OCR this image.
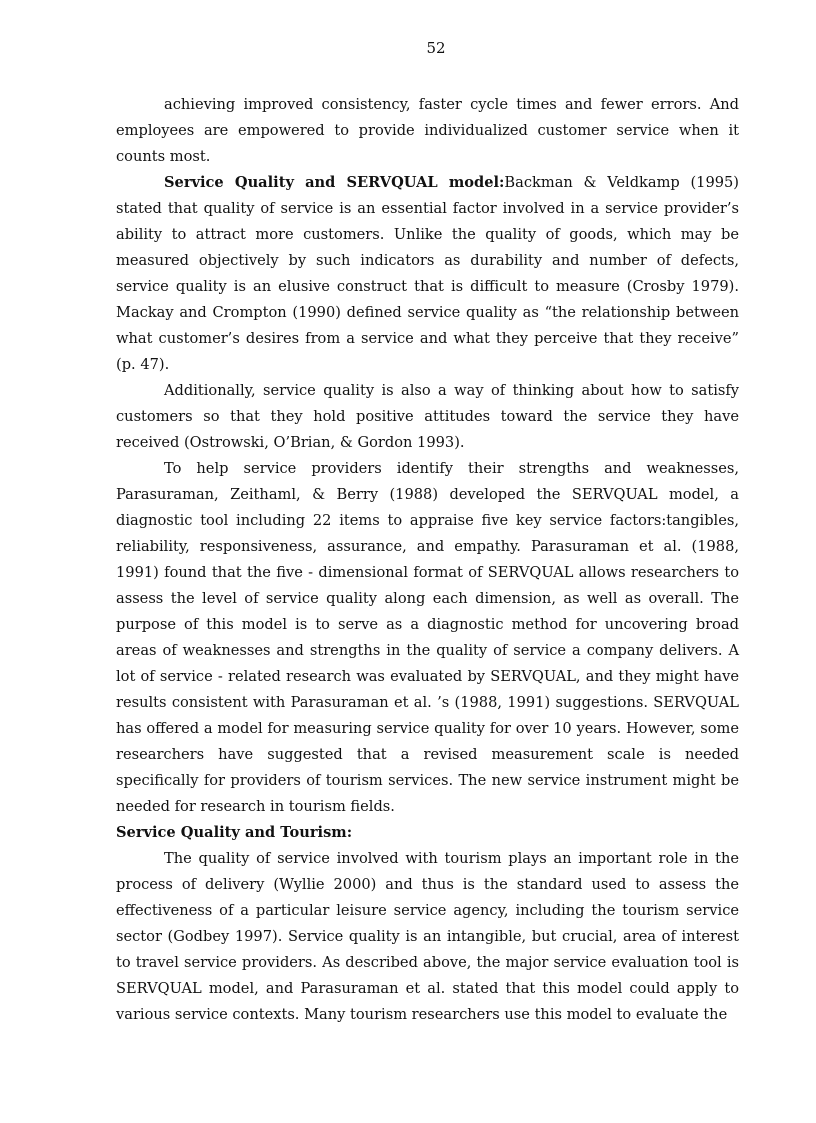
52

achieving improved consistency, faster cycle times and fewer errors. And employees are empowered to provide individualized customer service when it counts most.

Service Quality and SERVQUAL model:Backman & Veldkamp (1995) stated that quality of service is an essential factor involved in a service provider’s ability to attract more customers. Unlike the quality of goods, which may be measured objectively by such indicators as durability and number of defects, service quality is an elusive construct that is difficult to measure (Crosby 1979). Mackay and Crompton (1990) defined service quality as “the relationship between what customer’s desires from a service and what they perceive that they receive” (p. 47).

Additionally, service quality is also a way of thinking about how to satisfy customers so that they hold positive attitudes toward the service they have received (Ostrowski, O’Brian, & Gordon 1993).

To help service providers identify their strengths and weaknesses, Parasuraman, Zeithaml, & Berry (1988) developed the SERVQUAL model, a diagnostic tool including 22 items to appraise five key service factors:tangibles, reliability, responsiveness, assurance, and empathy. Parasuraman et al. (1988, 1991) found that the five - dimensional format of SERVQUAL allows researchers to assess the level of service quality along each dimension, as well as overall. The purpose of this model is to serve as a diagnostic method for uncovering broad areas of weaknesses and strengths in the quality of service a company delivers. A lot of service - related research was evaluated by SERVQUAL, and they might have results consistent with Parasuraman et al. ’s (1988, 1991) suggestions. SERVQUAL has offered a model for measuring service quality for over 10 years. However, some researchers have suggested that a revised measurement scale is needed specifically for providers of tourism services. The new service instrument might be needed for research in tourism fields.

Service Quality and Tourism:

The quality of service involved with tourism plays an important role in the process of delivery (Wyllie 2000) and thus is the standard used to assess the effectiveness of a particular leisure service agency, including the tourism service sector (Godbey 1997). Service quality is an intangible, but crucial, area of interest to travel service providers. As described above, the major service evaluation tool is SERVQUAL model, and Parasuraman et al. stated that this model could apply to various service contexts. Many tourism researchers use this model to evaluate the
